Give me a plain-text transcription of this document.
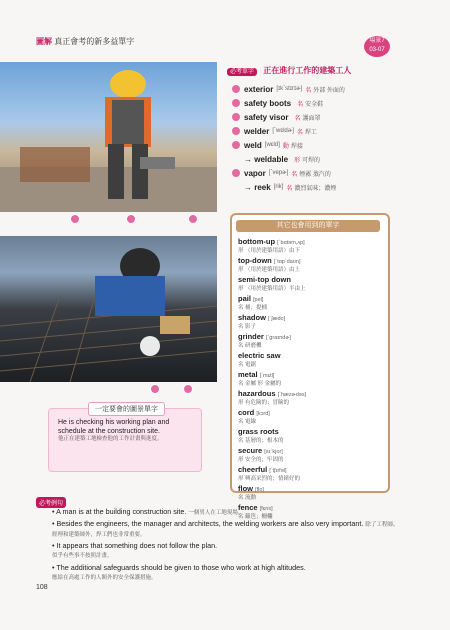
圖解 真正會考的新多益單字	場景7
03-07
必考單字 正在進行工作的建築工人
exterior [ɪkˋstɪrɪɚ] 名 外部 外面的
safety boots 名 安全鞋
safety visor 名 護面罩
welder [ˋwɛldɚ] 名 焊工
weld [wɛld] 動 焊接
→ weldable 形 可焊的
vapor [ˋvepɚ] 名 煙霧 蒸汽的
→ reek [rik] 名 濃烈氣味；濃煙
其它也會用到的單字
bottom-up [ˋbɑtəm,ʌp]
形 （用於建築用語）由下
top-down [ˋtɑpˋdaʊn]
形 （用於建築用語）由上
semi-top down
形 （用於建築用語）半由上
pail [pel]
名 桶；提桶
shadow [ˋʃædo]
名 影子
grinder [ˋgraɪndɚ]
名 研磨機
electric saw
名 電鋸
metal [ˋmɛtl]
名 金屬 形 金屬的
hazardous [ˋhæzɚdəs]
形 有危險的；冒險的
cord [kɔrd]
名 電線
grass roots
名 基層的；根本的
secure [sɪˋkjʊr]
形 安全的；牢固的
cheerful [ˋtʃɪrfəl]
形 興高采烈的；情緒好的
flow [flo]
名 流動
fence [fɛns]
名 籬笆；柵欄
一定要會的圖景單字
He is checking his working plan and schedule at the construction site.
他正在建築工地檢查他的工作計畫與進度。
必考例句
• A man is at the building construction site. 一個男人在工地現場。
• Besides the engineers, the manager and architects, the welding workers are also very important. 除了工程師、經理和建築師外，焊工們也非常重要。
• It appears that something does not follow the plan.
似乎有些事不按照計畫。
• The additional safeguards should be given to those who work at high altitudes.
應給在高處工作的人額外的安全保護措施。
108
